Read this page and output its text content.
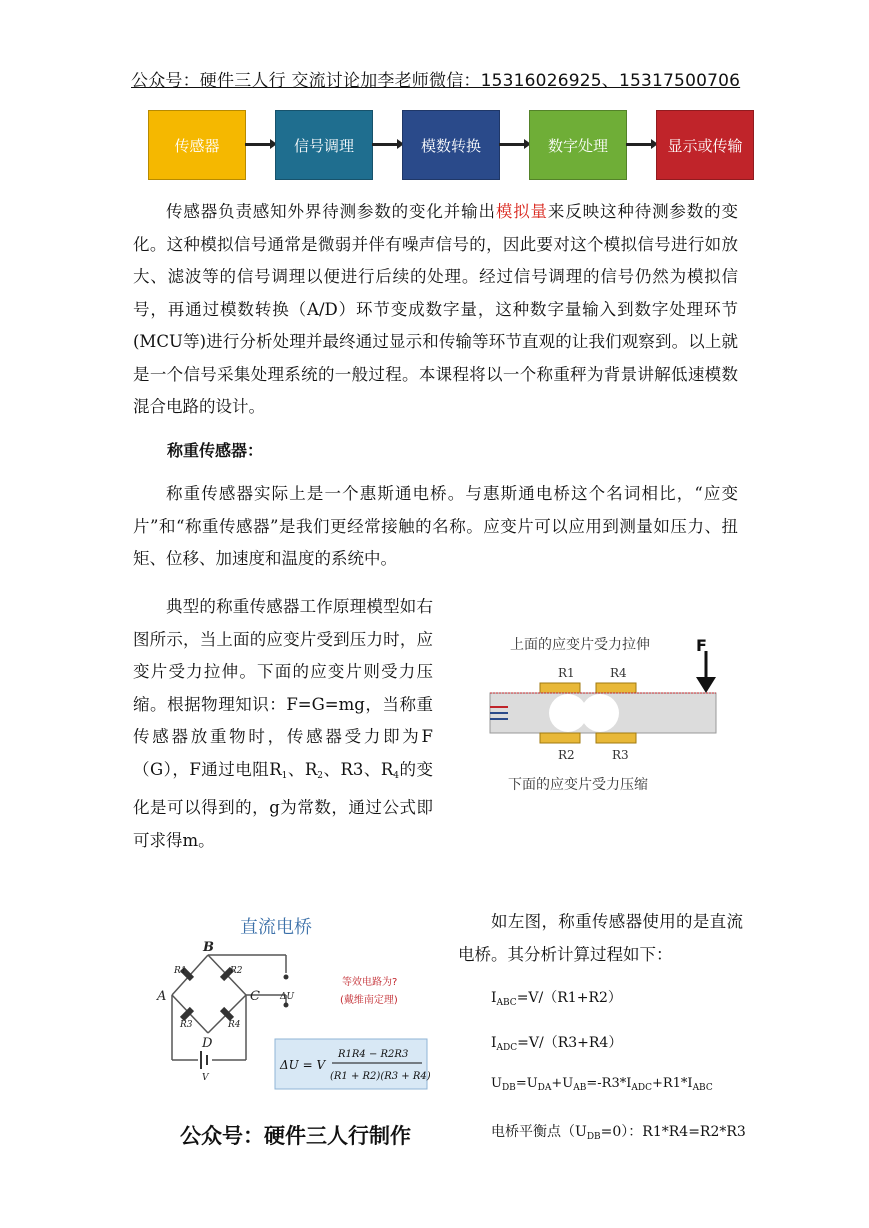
公众号：硬件三人行 交流讨论加李老师微信：15316026925、15317500706
传感器	信号调理	模数转换	数字处理	显示或传输

传感器负责感知外界待测参数的变化并输出模拟量来反映这种待测参数的变化。这种模拟信号通常是微弱并伴有噪声信号的，因此要对这个模拟信号进行如放大、滤波等的信号调理以便进行后续的处理。经过信号调理的信号仍然为模拟信号，再通过模数转换（A/D）环节变成数字量，这种数字量输入到数字处理环节(MCU等)进行分析处理并最终通过显示和传输等环节直观的让我们观察到。以上就是一个信号采集处理系统的一般过程。本课程将以一个称重秤为背景讲解低速模数混合电路的设计。

称重传感器：

称重传感器实际上是一个惠斯通电桥。与惠斯通电桥这个名词相比，“应变片”和“称重传感器”是我们更经常接触的名称。应变片可以应用到测量如压力、扭矩、位移、加速度和温度的系统中。

典型的称重传感器工作原理模型如右图所示，当上面的应变片受到压力时，应变片受力拉伸。下面的应变片则受力压缩。根据物理知识：F=G=mg，当称重传感器放重物时，传感器受力即为F（G），F通过电阻R1、R2、R3、R4的变化是可以得到的，g为常数，通过公式即可求得m。

上面的应变片受力拉伸	F
R1	R4
R2	R3
下面的应变片受力压缩
直流电桥
A
B
C
D
R1	R2
R3	R4
ΔU
V
等效电路为?
(戴维南定理)
ΔU = V
R1R4 − R2R3
(R1 + R2)(R3 + R4)

如左图，称重传感器使用的是直流电桥。其分析计算过程如下：

$I_{ABC}=V/(R1+R2)$
$I_{ADC}=V/(R3+R4)$
$U_{DB}=U_{DA}+U_{AB}=-R3*I_{ADC}+R1*I_{ABC}$
电桥平衡点$(U_{DB}=0)$：R1*R4=R2*R3
公众号：硬件三人行制作
